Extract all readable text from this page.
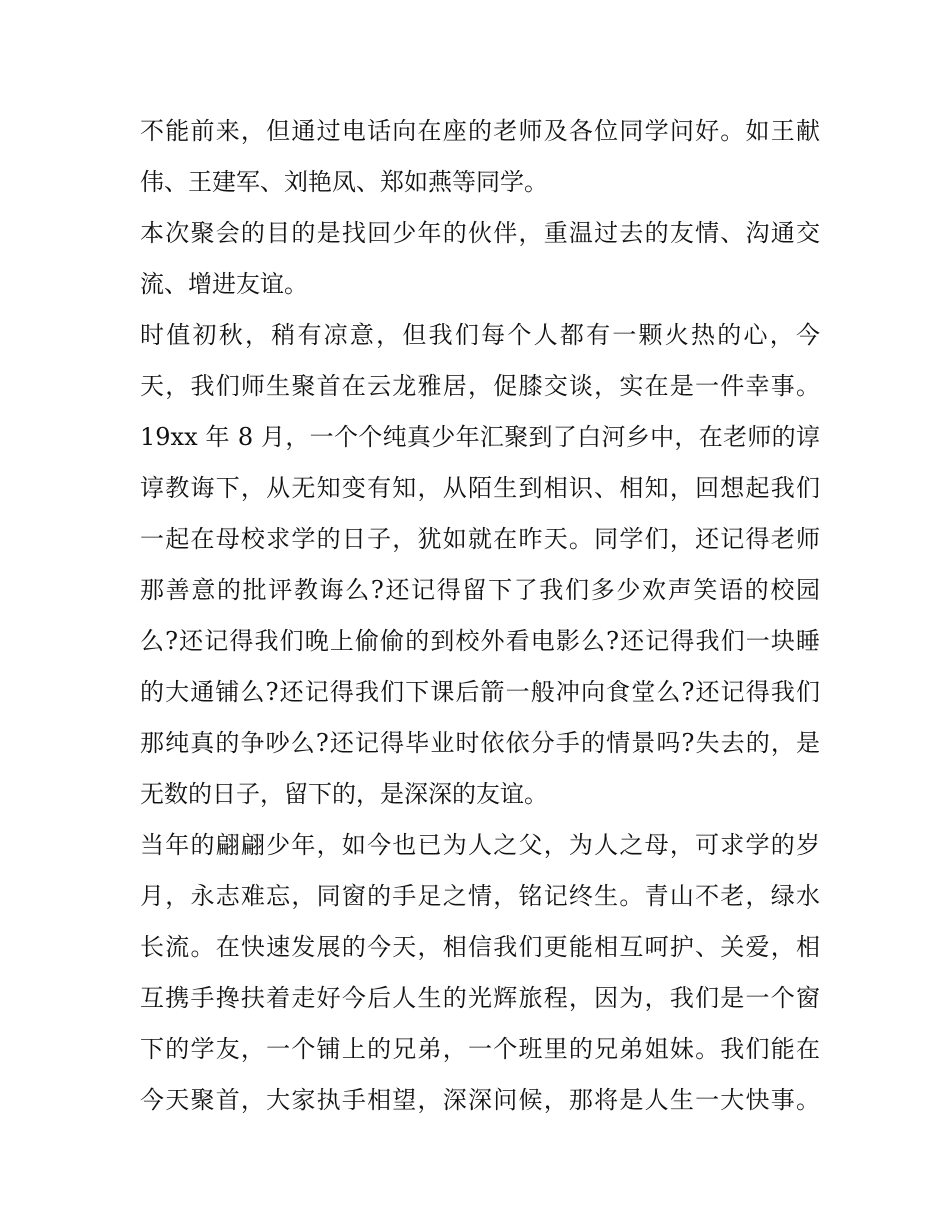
不能前来，但通过电话向在座的老师及各位同学问好。如王献
伟、王建军、刘艳凤、郑如燕等同学。
本次聚会的目的是找回少年的伙伴，重温过去的友情、沟通交
流、增进友谊。
时值初秋，稍有凉意，但我们每个人都有一颗火热的心，今
天，我们师生聚首在云龙雅居，促膝交谈，实在是一件幸事。
19xx 年 8 月，一个个纯真少年汇聚到了白河乡中，在老师的谆
谆教诲下，从无知变有知，从陌生到相识、相知，回想起我们
一起在母校求学的日子，犹如就在昨天。同学们，还记得老师
那善意的批评教诲么?还记得留下了我们多少欢声笑语的校园
么?还记得我们晚上偷偷的到校外看电影么?还记得我们一块睡
的大通铺么?还记得我们下课后箭一般冲向食堂么?还记得我们
那纯真的争吵么?还记得毕业时依依分手的情景吗?失去的，是
无数的日子，留下的，是深深的友谊。
当年的翩翩少年，如今也已为人之父，为人之母，可求学的岁
月，永志难忘，同窗的手足之情，铭记终生。青山不老，绿水
长流。在快速发展的今天，相信我们更能相互呵护、关爱，相
互携手搀扶着走好今后人生的光辉旅程，因为，我们是一个窗
下的学友，一个铺上的兄弟，一个班里的兄弟姐妹。我们能在
今天聚首，大家执手相望，深深问候，那将是人生一大快事。
